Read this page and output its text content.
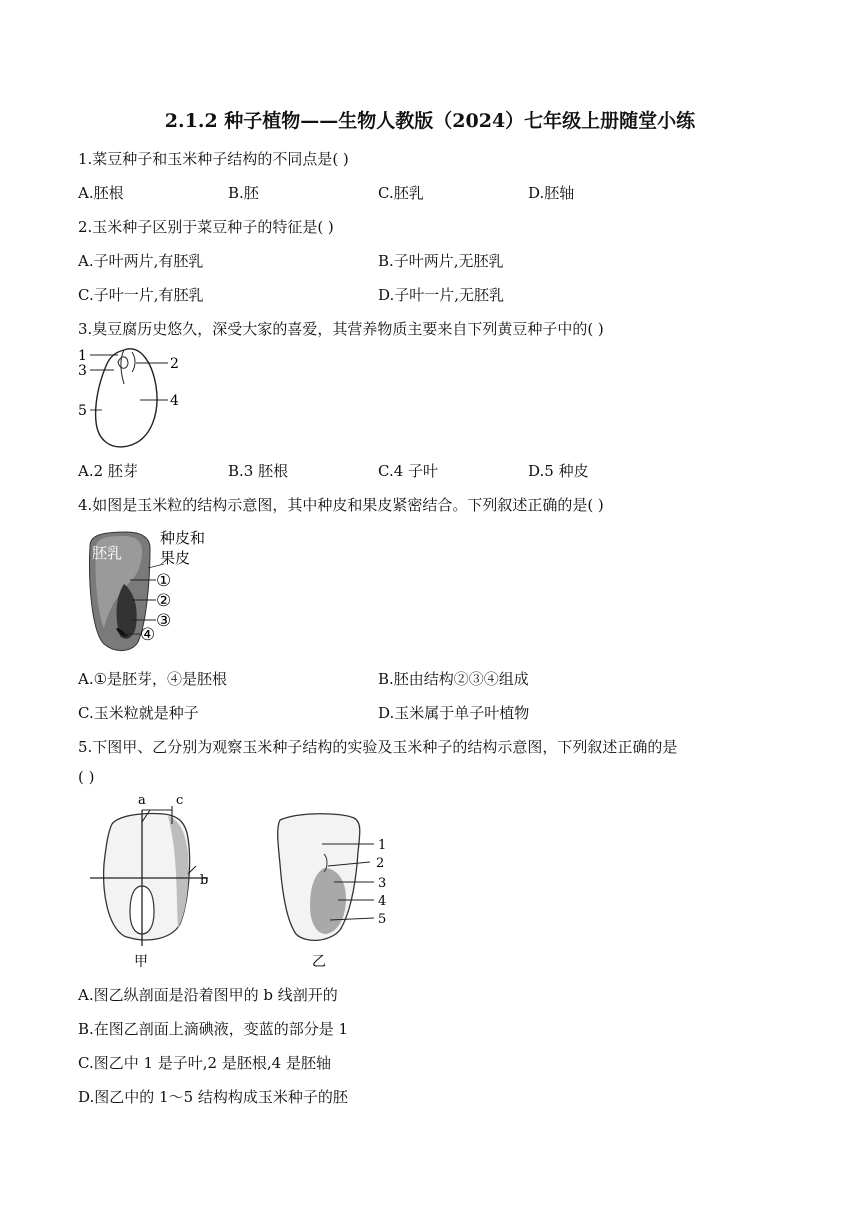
2.1.2 种子植物——生物人教版（2024）七年级上册随堂小练
1.菜豆种子和玉米种子结构的不同点是( )
A.胚根	B.胚	C.胚乳	D.胚轴
2.玉米种子区别于菜豆种子的特征是( )
A.子叶两片,有胚乳	B.子叶两片,无胚乳
C.子叶一片,有胚乳	D.子叶一片,无胚乳
3.臭豆腐历史悠久，深受大家的喜爱，其营养物质主要来自下列黄豆种子中的( )
1	2
3
4
5
A.2 胚芽	B.3 胚根	C.4 子叶	D.5 种皮
4.如图是玉米粒的结构示意图，其中种皮和果皮紧密结合。下列叙述正确的是( )
胚乳
种皮和
果皮
①
②
③
④
A.①是胚芽，④是胚根	B.胚由结构②③④组成
C.玉米粒就是种子	D.玉米属于单子叶植物
5.下图甲、乙分别为观察玉米种子结构的实验及玉米种子的结构示意图，下列叙述正确的是
( )
a c
b
甲
1
2
3
4
5
乙
A.图乙纵剖面是沿着图甲的 b 线剖开的
B.在图乙剖面上滴碘液，变蓝的部分是 1
C.图乙中 1 是子叶,2 是胚根,4 是胚轴
D.图乙中的 1～5 结构构成玉米种子的胚
